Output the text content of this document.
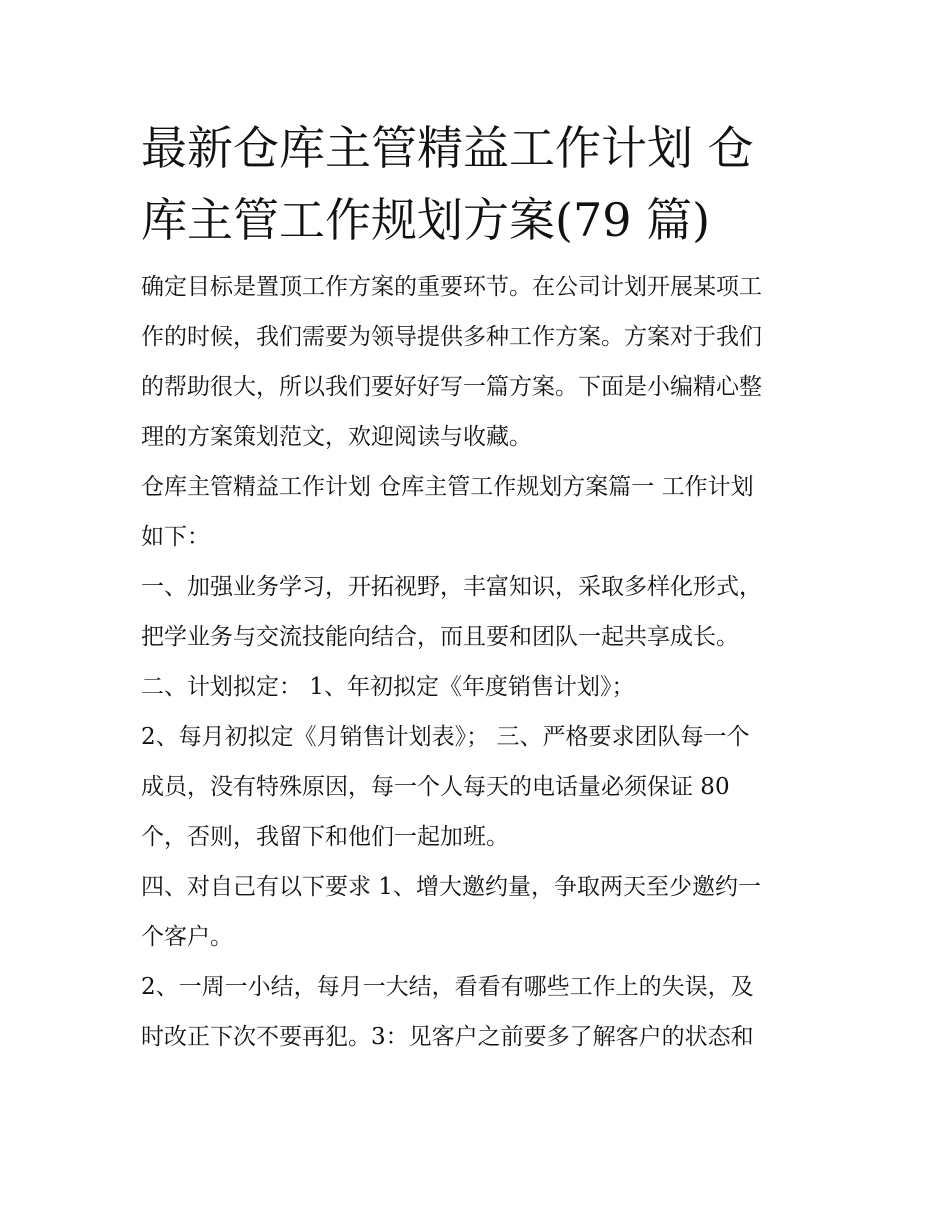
最新仓库主管精益工作计划 仓
库主管工作规划方案(79 篇)

确定目标是置顶工作方案的重要环节。在公司计划开展某项工
作的时候，我们需要为领导提供多种工作方案。方案对于我们
的帮助很大，所以我们要好好写一篇方案。下面是小编精心整
理的方案策划范文，欢迎阅读与收藏。

仓库主管精益工作计划 仓库主管工作规划方案篇一 工作计划
如下：

一、加强业务学习，开拓视野，丰富知识，采取多样化形式，
把学业务与交流技能向结合，而且要和团队一起共享成长。

二、计划拟定： 1、年初拟定《年度销售计划》；

2、每月初拟定《月销售计划表》； 三、严格要求团队每一个
成员，没有特殊原因，每一个人每天的电话量必须保证 80
个，否则，我留下和他们一起加班。

四、对自己有以下要求 1、增大邀约量，争取两天至少邀约一
个客户。

2、一周一小结，每月一大结，看看有哪些工作上的失误，及
时改正下次不要再犯。3：见客户之前要多了解客户的状态和
